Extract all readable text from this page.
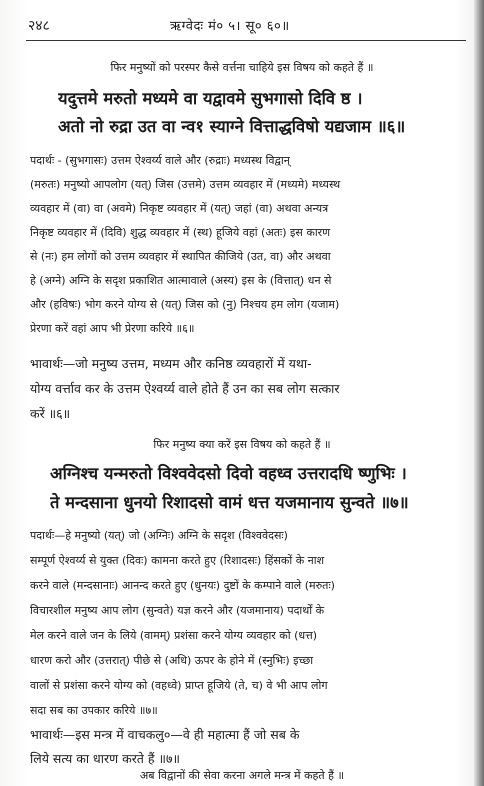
२४८	ऋग्वेदः मं० ५। सू० ६०॥
फिर मनुष्यों को परस्पर कैसे वर्त्तना चाहिये इस विषय को कहते हैं ॥
यदुत्तमे मरुतो मध्यमे वा यद्वावमे सुभगासो दिवि ष्ठ ।
अतो नो रुद्रा उत वा न्व१ स्याग्ने वित्ताद्धविषो यद्यजाम ॥६॥
पदार्थः - (सुभगासः) उत्तम ऐश्वर्य्य वाले और (रुद्राः) मध्यस्थ विद्वान्
(मरुतः) मनुष्यो आपलोग (यत्) जिस (उत्तमे) उत्तम व्यवहार में (मध्यमे) मध्यस्थ
व्यवहार में (वा) वा (अवमे) निकृष्ट व्यवहार में (यत्) जहां (वा) अथवा अन्यत्र
निकृष्ट व्यवहार में (दिवि) शुद्ध व्यवहार में (स्थ) हूजिये वहां (अतः) इस कारण
से (नः) हम लोगों को उत्तम व्यवहार में स्थापित कीजिये (उत, वा) और अथवा
हे (अग्ने) अग्नि के सदृश प्रकाशित आत्मावाले (अस्य) इस के (वित्तात्) धन से
और (हविषः) भोग करने योग्य से (यत्) जिस को (नु) निश्चय हम लोग (यजाम)
प्रेरणा करें वहां आप भी प्रेरणा करिये ॥६॥
भावार्थः—जो मनुष्य उत्तम, मध्यम और कनिष्ठ व्यवहारों में यथा-
योग्य वर्त्ताव कर के उत्तम ऐश्वर्य्य वाले होते हैं उन का सब लोग सत्कार
करें ॥६॥
फिर मनुष्य क्या करें इस विषय को कहते हैं ॥
अग्निश्च यन्मरुतो विश्ववेदसो दिवो वहध्व उत्तरादधि ष्णुभिः ।
ते मन्दसाना धुनयो रिशादसो वामं धत्त यजमानाय सुन्वते ॥७॥
पदार्थः—हे मनुष्यो (यत्) जो (अग्निः) अग्नि के सदृश (विश्ववेदसः)
सम्पूर्ण ऐश्वर्य्य से युक्त (दिवः) कामना करते हुए (रिशादसः) हिंसकों के नाश
करने वाले (मन्दसानाः) आनन्द करते हुए (धुनयः) दुष्टों के कम्पाने वाले (मरुतः)
विचारशील मनुष्य आप लोग (सुन्वते) यज्ञ करने और (यजमानाय) पदार्थों के
मेल करने वाले जन के लिये (वामम्) प्रशंसा करने योग्य व्यवहार को (धत्त)
धारण करो और (उत्तरात्) पीछे से (अधि) ऊपर के होने में (स्नुभिः) इच्छा
वालों से प्रशंसा करने योग्य को (वहध्वे) प्राप्त हूजिये (ते, च) वे भी आप लोग
सदा सब का उपकार करिये ॥७॥
भावार्थः—इस मन्त्र में वाचकलु०—वे ही महात्मा हैं जो सब के
लिये सत्य का धारण करते हैं ॥७॥
अब विद्वानों की सेवा करना अगले मन्त्र में कहते हैं ॥
